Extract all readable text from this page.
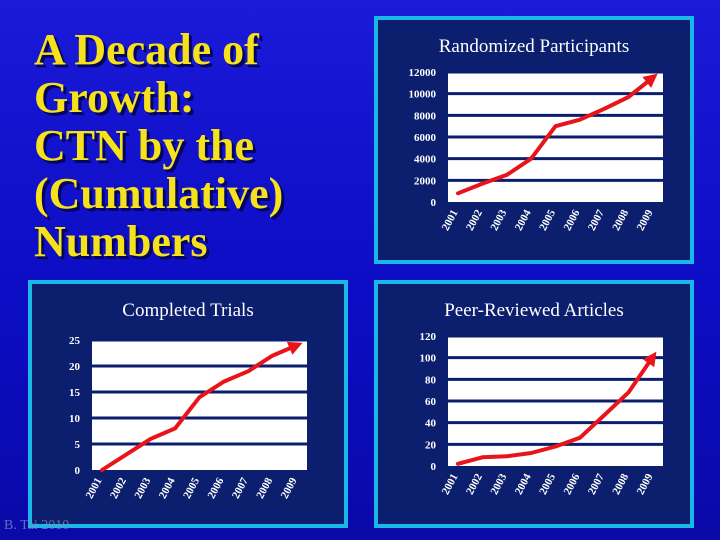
A Decade of
Growth:
CTN by the
(Cumulative)
Numbers
Randomized Participants
0
2000
4000
6000
8000
10000
12000
2001 2002 2003 2004 2005 2006 2007 2008 2009
Completed Trials
0
5
10
15
20
25
2001 2002 2003 2004 2005 2006 2007 2008 2009
Peer-Reviewed Articles
0
20
40
60
80
100
120
2001 2002 2003 2004 2005 2006 2007 2008 2009
B. Tai 2010
